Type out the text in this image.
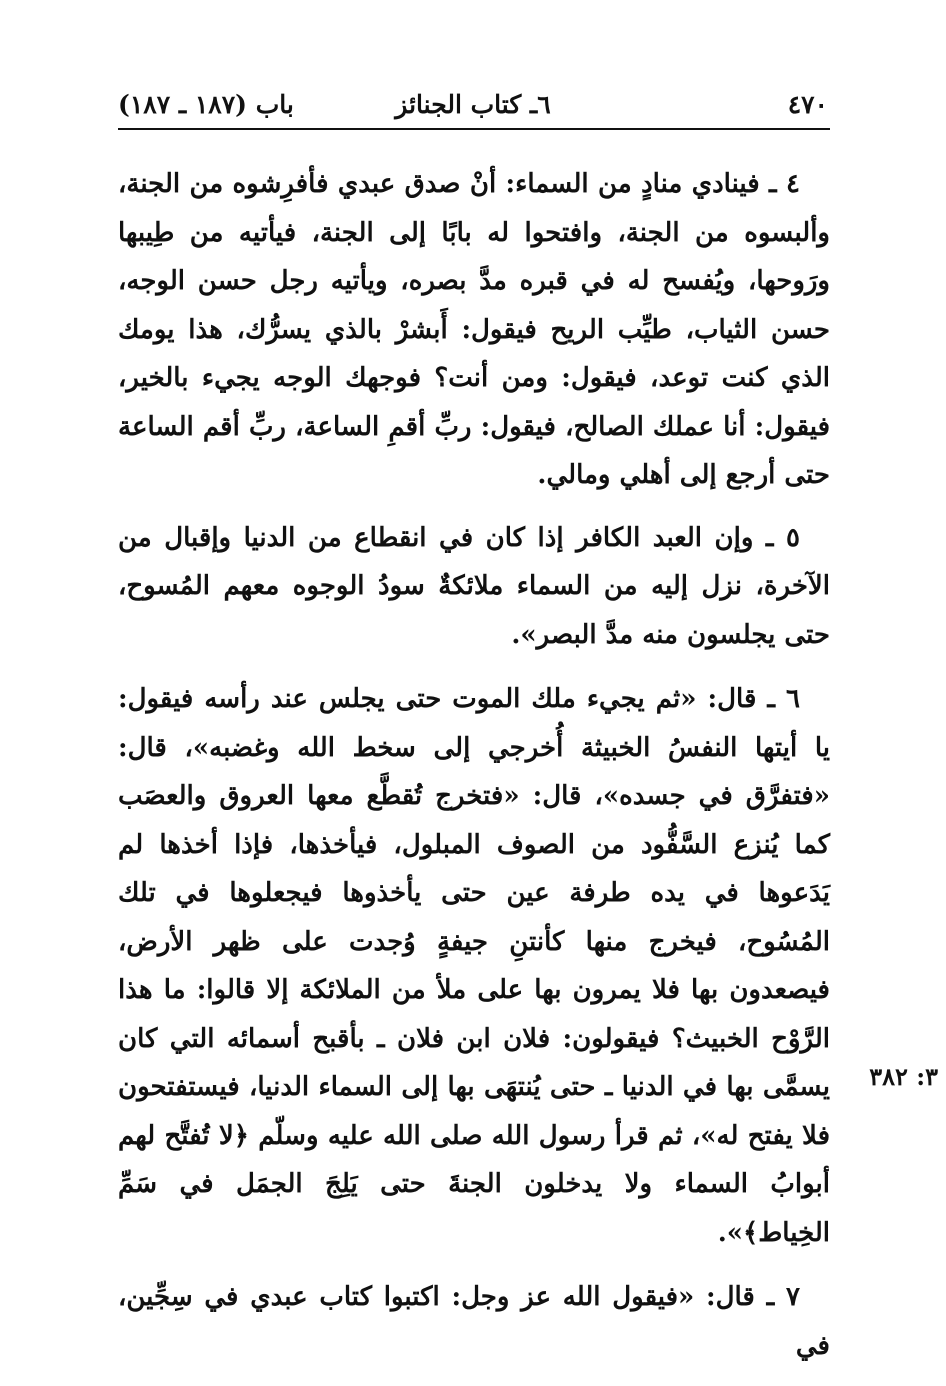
٤٧٠
٦ـ كتاب الجنائز
باب (١٨٧ ـ ١٨٧)

٤ ـ فينادي منادٍ من السماء: أنْ صدق عبدي فأفرِشوه من الجنة، وألبسوه من الجنة، وافتحوا له بابًا إلى الجنة، فيأتيه من طِيبها ورَوحها، ويُفسح له في قبره مدَّ بصره، ويأتيه رجل حسن الوجه، حسن الثياب، طيِّب الريح فيقول: أَبشرْ بالذي يسرُّك، هذا يومك الذي كنت توعد، فيقول: ومن أنت؟ فوجهك الوجه يجيء بالخير، فيقول: أنا عملك الصالح، فيقول: ربِّ أقمِ الساعة، ربِّ أقم الساعة حتى أرجع إلى أهلي ومالي.

٥ ـ وإن العبد الكافر إذا كان في انقطاع من الدنيا وإقبال من الآخرة، نزل إليه من السماء ملائكةٌ سودُ الوجوه معهم المُسوح، حتى يجلسون منه مدَّ البصر».

٦ ـ قال: «ثم يجيء ملك الموت حتى يجلس عند رأسه فيقول: يا أيتها النفسُ الخبيثة أُخرجي إلى سخط الله وغضبه»، قال: «فتفرَّق في جسده»، قال: «فتخرج تُقطَّع معها العروق والعصَب كما يُنزع السَّفُّود من الصوف المبلول، فيأخذها، فإذا أخذها لم يَدَعوها في يده طرفة عين حتى يأخذوها فيجعلوها في تلك المُسُوح، فيخرج منها كأنتنِ جيفةٍ وُجدت على ظهر الأرض، فيصعدون بها فلا يمرون بها على ملأ من الملائكة إلا قالوا: ما هذا الرَّوْح الخبيث؟ فيقولون: فلان ابن فلان ـ بأقبح أسمائه التي كان يسمَّى بها في الدنيا ـ حتى يُنتهَى بها إلى السماء الدنيا، فيستفتحون فلا يفتح له»، ثم قرأ رسول الله صلى الله عليه وسلّم ﴿لا تُفتَّح لهم أبوابُ السماء ولا يدخلون الجنةَ حتى يَلِجَ الجمَل في سَمِّ الخِياط﴾».

٧ ـ قال: «فيقول الله عز وجل: اكتبوا كتاب عبدي في سِجِّين، في

٣: ٣٨٢
